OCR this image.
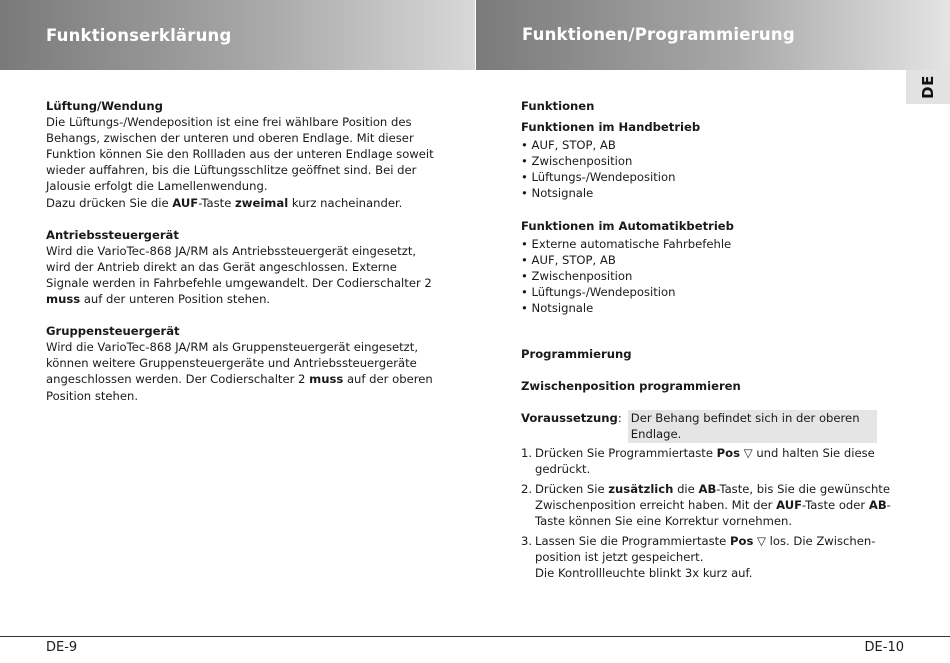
Funktionserklärung	Funktionen/Programmierung
DE
Lüftung/Wendung

Die Lüftungs-/Wendeposition ist eine frei wählbare Position des Behangs, zwischen der unteren und oberen Endlage. Mit dieser Funktion können Sie den Rollladen aus der unteren Endlage soweit wieder auffahren, bis die Lüftungsschlitze geöffnet sind. Bei der Jalousie erfolgt die Lamellenwendung.
Dazu drücken Sie die AUF-Taste zweimal kurz nacheinander.

Antriebssteuergerät

Wird die VarioTec-868 JA/RM als Antriebssteuergerät eingesetzt, wird der Antrieb direkt an das Gerät angeschlossen. Externe Signale werden in Fahrbefehle umgewandelt. Der Codierschalter 2 muss auf der unteren Position stehen.

Gruppensteuergerät

Wird die VarioTec-868 JA/RM als Gruppensteuergerät eingesetzt, können weitere Gruppensteuergeräte und Antriebssteuergeräte angeschlossen werden. Der Codierschalter 2 muss auf der oberen Position stehen.

Funktionen
Funktionen im Handbetrieb
• AUF, STOP, AB
• Zwischenposition
• Lüftungs-/Wendeposition
• Notsignale
Funktionen im Automatikbetrieb
• Externe automatische Fahrbefehle
• AUF, STOP, AB
• Zwischenposition
• Lüftungs-/Wendeposition
• Notsignale
Programmierung
Zwischenposition programmieren
Voraussetzung : Der Behang befindet sich in der oberen Endlage.
1. Drücken Sie Programmiertaste Pos ▽ und halten Sie diese gedrückt.
2. Drücken Sie zusätzlich die AB-Taste, bis Sie die gewünschte Zwischenposition erreicht haben. Mit der AUF-Taste oder AB-Taste können Sie eine Korrektur vornehmen.
3. Lassen Sie die Programmiertaste Pos ▽ los. Die Zwischenposition ist jetzt gespeichert.
Die Kontrollleuchte blinkt 3x kurz auf.
DE-9	DE-10
